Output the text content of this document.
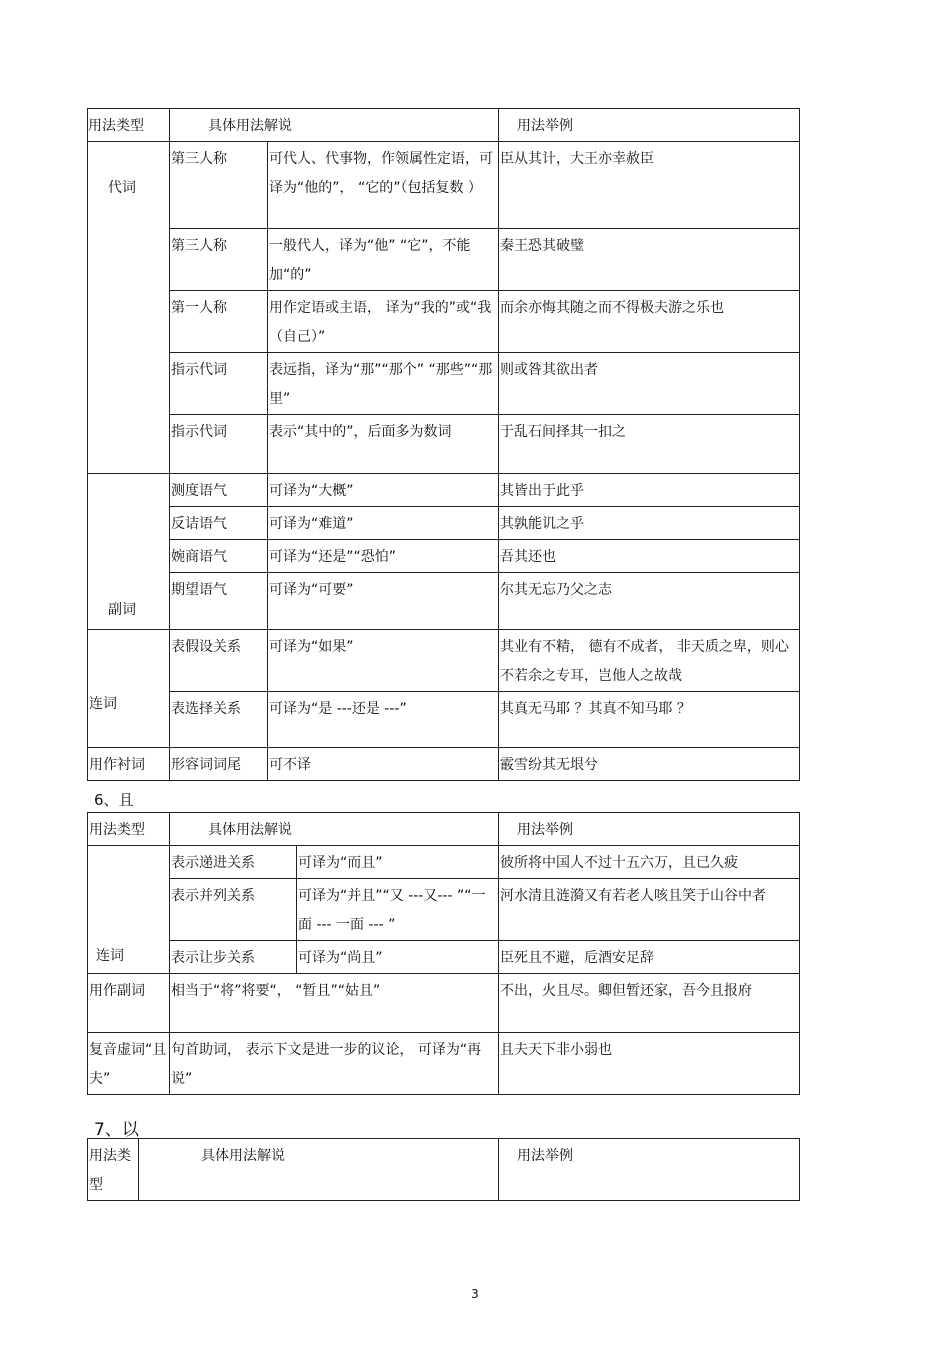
用法类型	具体用法解说		用法举例
代词	第三人称	可代人、代事物，作领属性定语，可译为“他的”， “它的”（包括复数 ）	臣从其计，大王亦幸赦臣
	第三人称	一般代人，译为“他” “它”，不能加“的”	秦王恐其破璧
	第一人称	用作定语或主语， 译为“我的”或“我（自己）”	而余亦悔其随之而不得极夫游之乐也
	指示代词	表远指，译为“那”“那个” “那些”“那里”	则或咎其欲出者
	指示代词	表示“其中的”，后面多为数词	于乱石间择其一扣之
副词	测度语气	可译为“大概”	其皆出于此乎
	反诘语气	可译为“难道”	其孰能讥之乎
	婉商语气	可译为“还是”“恐怕”	吾其还也
	期望语气	可译为“可要”	尔其无忘乃父之志
连词	表假设关系	可译为“如果”	其业有不精， 德有不成者， 非天质之卑，则心不若余之专耳，岂他人之故哉
	表选择关系	可译为“是 ---还是 ---”	其真无马耶 ？其真不知马耶 ？
用作衬词	形容词词尾	可不译	霰雪纷其无垠兮
6、且
用法类型	具体用法解说		用法举例
连词	表示递进关系	可译为“而且”	彼所将中国人不过十五六万，且已久疲
	表示并列关系	可译为“并且”“又 ---又--- ”“一面 --- 一面 --- ”	河水清且涟漪又有若老人咳且笑于山谷中者
	表示让步关系	可译为“尚且”	臣死且不避，卮酒安足辞
用作副词	相当于“将”将要“， “暂且”“姑且”		不出，火且尽。卿但暂还家，吾今且报府
复音虚词“且夫”	句首助词， 表示下文是进一步的议论， 可译为“再说”		且夫天下非小弱也
7、以
用法类型	具体用法解说	用法举例
3
